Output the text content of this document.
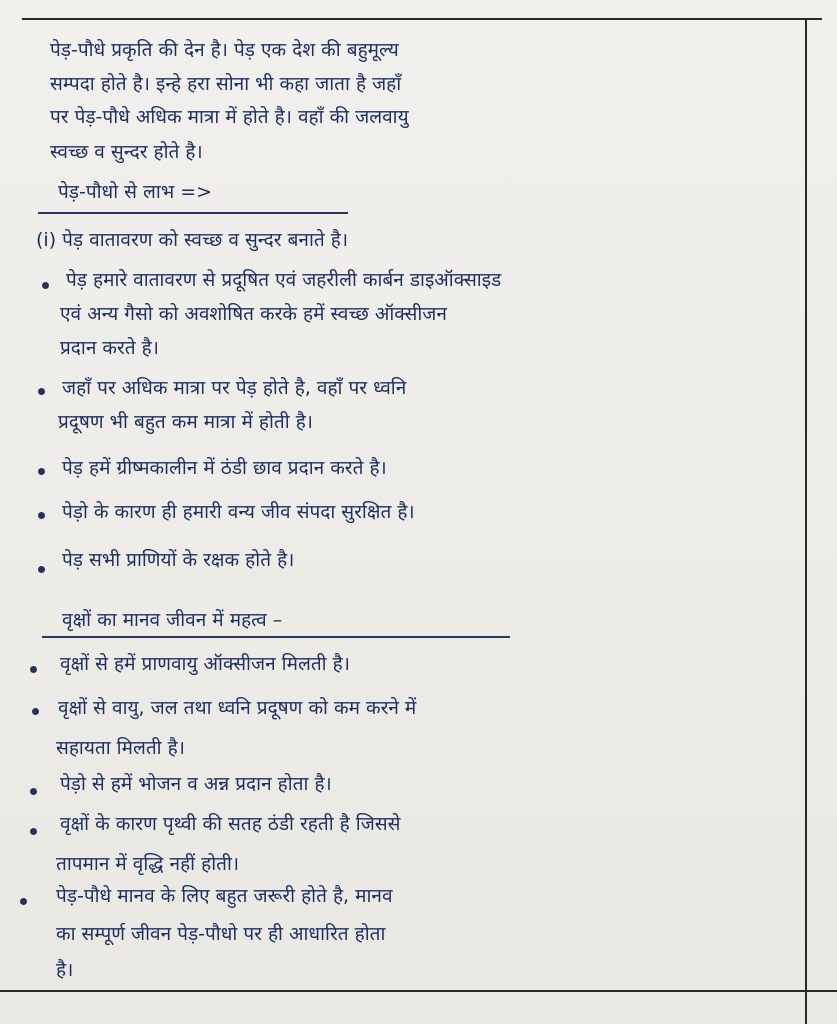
पेड़-पौधे प्रकृति की देन है। पेड़ एक देश की बहुमूल्य
सम्पदा होते है। इन्हे हरा सोना भी कहा जाता है जहाँ
पर पेड़-पौधे अधिक मात्रा में होते है। वहाँ की जलवायु
स्वच्छ व सुन्दर होते है।
पेड़-पौधो से लाभ =>
(i) पेड़ वातावरण को स्वच्छ व सुन्दर बनाते है।
पेड़ हमारे वातावरण से प्रदूषित एवं जहरीली कार्बन डाइऑक्साइड
एवं अन्य गैसो को अवशोषित करके हमें स्वच्छ ऑक्सीजन
प्रदान करते है।
जहाँ पर अधिक मात्रा पर पेड़ होते है, वहाँ पर ध्वनि
प्रदूषण भी बहुत कम मात्रा में होती है।
पेड़ हमें ग्रीष्मकालीन में ठंडी छाव प्रदान करते है।
पेड़ो के कारण ही हमारी वन्य जीव संपदा सुरक्षित है।
पेड़ सभी प्राणियों के रक्षक होते है।
वृक्षों का मानव जीवन में महत्व –
वृक्षों से हमें प्राणवायु ऑक्सीजन मिलती है।
वृक्षों से वायु, जल तथा ध्वनि प्रदूषण को कम करने में
सहायता मिलती है।
पेड़ो से हमें भोजन व अन्न प्रदान होता है।
वृक्षों के कारण पृथ्वी की सतह ठंडी रहती है जिससे
तापमान में वृद्धि नहीं होती।
पेड़-पौधे मानव के लिए बहुत जरूरी होते है, मानव
का सम्पूर्ण जीवन पेड़-पौधो पर ही आधारित होता
है।
